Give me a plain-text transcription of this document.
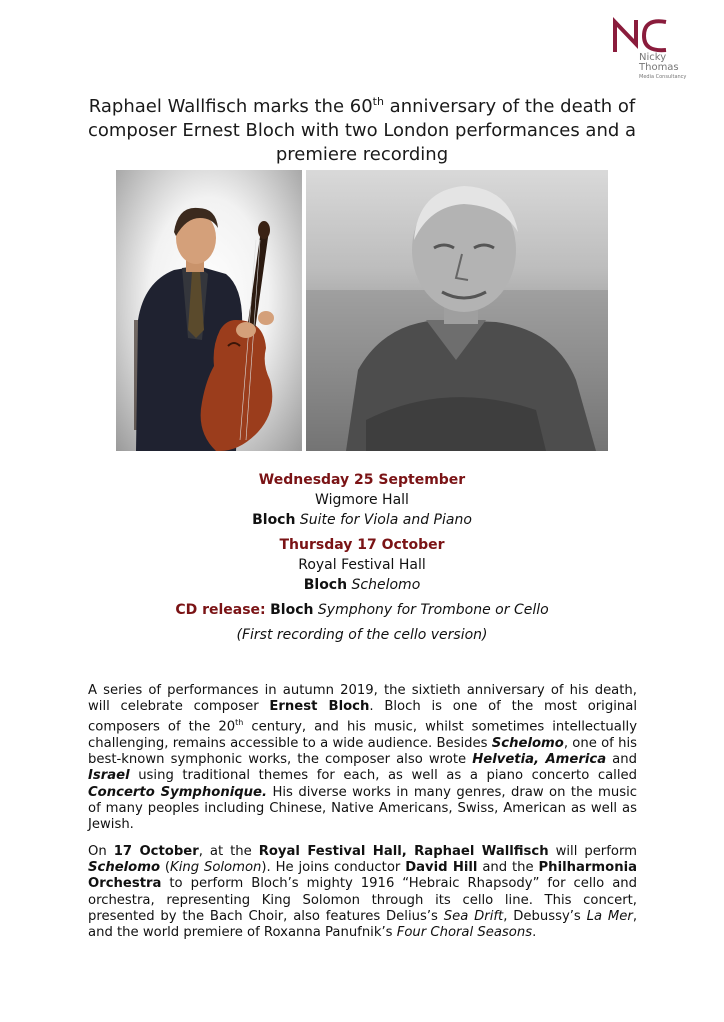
Nicky
Thomas
Media Consultancy
Raphael Wallfisch marks the 60th anniversary of the death of composer Ernest Bloch with two London performances and a premiere recording
Wednesday 25 September
Wigmore Hall
Bloch Suite for Viola and Piano
Thursday 17 October
Royal Festival Hall
Bloch Schelomo
CD release: Bloch Symphony for Trombone or Cello
(First recording of the cello version)
A series of performances in autumn 2019, the sixtieth anniversary of his death, will celebrate composer Ernest Bloch. Bloch is one of the most original composers of the 20th century, and his music, whilst sometimes intellectually challenging, remains accessible to a wide audience. Besides Schelomo, one of his best-known symphonic works, the composer also wrote Helvetia, America and Israel using traditional themes for each, as well as a piano concerto called Concerto Symphonique. His diverse works in many genres, draw on the music of many peoples including Chinese, Native Americans, Swiss, American as well as Jewish.
On 17 October, at the Royal Festival Hall, Raphael Wallfisch will perform Schelomo (King Solomon). He joins conductor David Hill and the Philharmonia Orchestra to perform Bloch’s mighty 1916 “Hebraic Rhapsody” for cello and orchestra, representing King Solomon through its cello line. This concert, presented by the Bach Choir, also features Delius’s Sea Drift, Debussy’s La Mer, and the world premiere of Roxanna Panufnik’s Four Choral Seasons.
